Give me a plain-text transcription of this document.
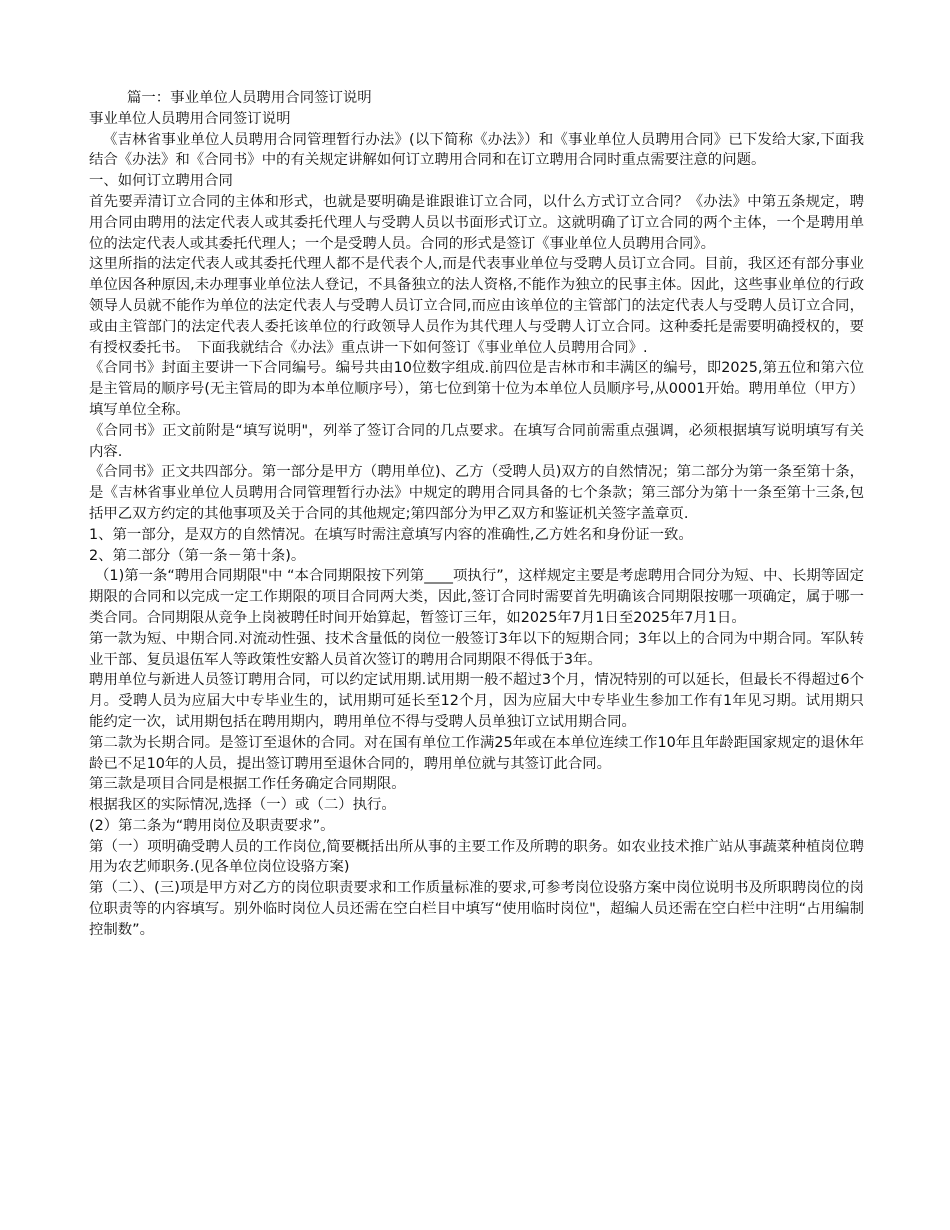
篇一：事业单位人员聘用合同签订说明
事业单位人员聘用合同签订说明

《吉林省事业单位人员聘用合同管理暂行办法》(以下简称《办法》）和《事业单位人员聘用合同》已下发给大家,下面我结合《办法》和《合同书》中的有关规定讲解如何订立聘用合同和在订立聘用合同时重点需要注意的问题。

一、如何订立聘用合同

首先要弄清订立合同的主体和形式，也就是要明确是谁跟谁订立合同，以什么方式订立合同？《办法》中第五条规定，聘用合同由聘用的法定代表人或其委托代理人与受聘人员以书面形式订立。这就明确了订立合同的两个主体，一个是聘用单位的法定代表人或其委托代理人；一个是受聘人员。合同的形式是签订《事业单位人员聘用合同》。

这里所指的法定代表人或其委托代理人都不是代表个人,而是代表事业单位与受聘人员订立合同。目前，我区还有部分事业单位因各种原因,未办理事业单位法人登记，不具备独立的法人资格,不能作为独立的民事主体。因此，这些事业单位的行政领导人员就不能作为单位的法定代表人与受聘人员订立合同,而应由该单位的主管部门的法定代表人与受聘人员订立合同，或由主管部门的法定代表人委托该单位的行政领导人员作为其代理人与受聘人订立合同。这种委托是需要明确授权的，要有授权委托书。　下面我就结合《办法》重点讲一下如何签订《事业单位人员聘用合同》.

《合同书》封面主要讲一下合同编号。编号共由10位数字组成.前四位是吉林市和丰满区的编号，即2025,第五位和第六位是主管局的顺序号(无主管局的即为本单位顺序号），第七位到第十位为本单位人员顺序号,从0001开始。聘用单位（甲方）填写单位全称。

《合同书》正文前附是“填写说明"，列举了签订合同的几点要求。在填写合同前需重点强调，必须根据填写说明填写有关内容.

《合同书》正文共四部分。第一部分是甲方（聘用单位)、乙方（受聘人员)双方的自然情况；第二部分为第一条至第十条，是《吉林省事业单位人员聘用合同管理暂行办法》中规定的聘用合同具备的七个条款；第三部分为第十一条至第十三条,包括甲乙双方约定的其他事项及关于合同的其他规定;第四部分为甲乙双方和鉴证机关签字盖章页.

1、第一部分，是双方的自然情况。在填写时需注意填写内容的准确性,乙方姓名和身份证一致。

2、第二部分（第一条－第十条)。

（1)第一条“聘用合同期限"中 “本合同期限按下列第____项执行”，这样规定主要是考虑聘用合同分为短、中、长期等固定期限的合同和以完成一定工作期限的项目合同两大类，因此,签订合同时需要首先明确该合同期限按哪一项确定，属于哪一类合同。合同期限从竞争上岗被聘任时间开始算起，暂签订三年，如2025年7月1日至2025年7月1日。

第一款为短、中期合同.对流动性强、技术含量低的岗位一般签订3年以下的短期合同；3年以上的合同为中期合同。军队转业干部、复员退伍军人等政策性安豁人员首次签订的聘用合同期限不得低于3年。

聘用单位与新进人员签订聘用合同，可以约定试用期.试用期一般不超过3个月，情况特别的可以延长，但最长不得超过6个月。受聘人员为应届大中专毕业生的，试用期可延长至12个月，因为应届大中专毕业生参加工作有1年见习期。试用期只能约定一次，试用期包括在聘用期内，聘用单位不得与受聘人员单独订立试用期合同。

第二款为长期合同。是签订至退休的合同。对在国有单位工作满25年或在本单位连续工作10年且年龄距国家规定的退休年龄已不足10年的人员，提出签订聘用至退休合同的，聘用单位就与其签订此合同。

第三款是项目合同是根据工作任务确定合同期限。

根据我区的实际情况,选择（一）或（二）执行。

(2）第二条为“聘用岗位及职责要求”。

第（一）项明确受聘人员的工作岗位,简要概括出所从事的主要工作及所聘的职务。如农业技术推广站从事蔬菜种植岗位聘用为农艺师职务.(见各单位岗位设骆方案)

第（二）、(三)项是甲方对乙方的岗位职责要求和工作质量标准的要求,可参考岗位设骆方案中岗位说明书及所职聘岗位的岗位职责等的内容填写。别外临时岗位人员还需在空白栏目中填写“使用临时岗位"，超编人员还需在空白栏中注明“占用编制控制数”。
